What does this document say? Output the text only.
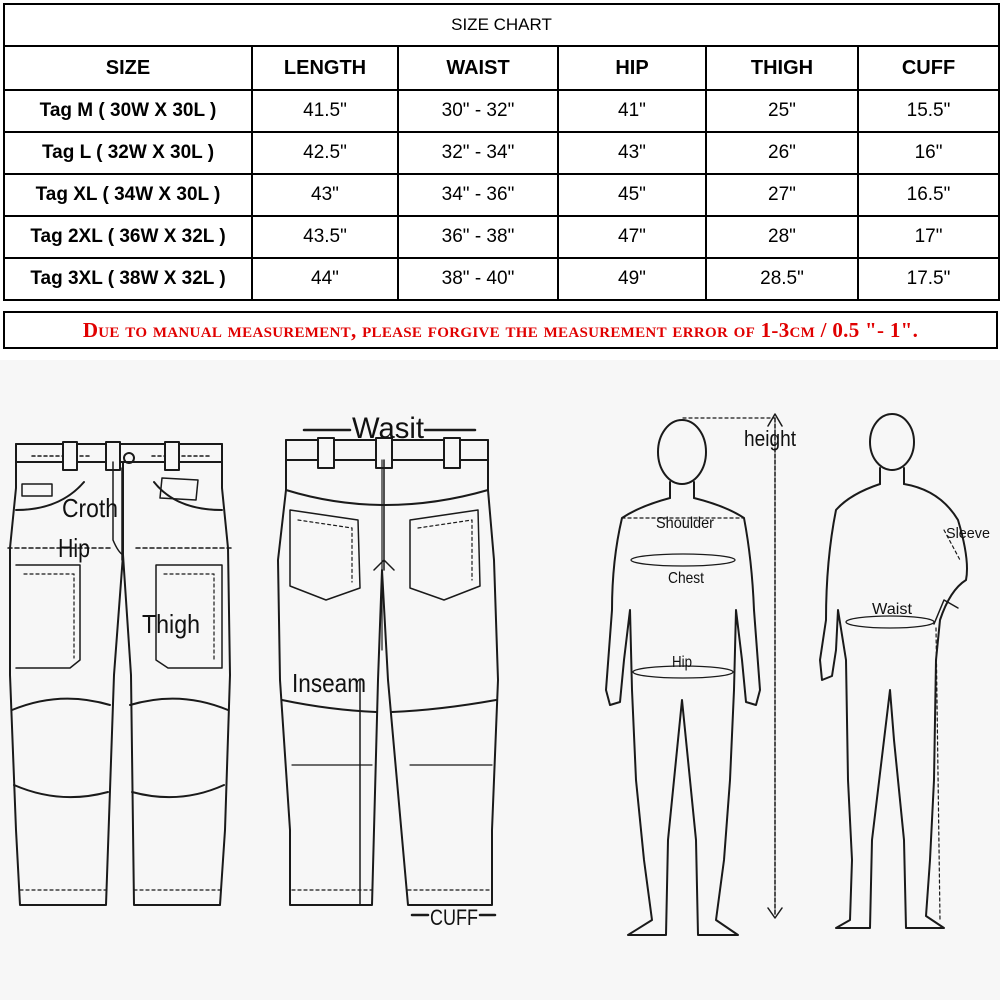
SIZE CHART					
SIZE	LENGTH	WAIST	HIP	THIGH	CUFF
Tag M ( 30W X 30L )	41.5"	30" - 32"	41"	25"	15.5"
Tag L ( 32W X 30L )	42.5"	32" - 34"	43"	26"	16"
Tag XL ( 34W X 30L )	43"	34" - 36"	45"	27"	16.5"
Tag 2XL ( 36W X 32L )	43.5"	36" - 38"	47"	28"	17"
Tag 3XL ( 38W X 32L )	44"	38" - 40"	49"	28.5"	17.5"
Due to manual measurement, please forgive the measurement error of 1-3cm / 0.5 "- 1".
Croth
Hip
Thigh
Wasit
Inseam
CUFF
height
Shoulder
Chest
Hip
Sleeve
Waist
